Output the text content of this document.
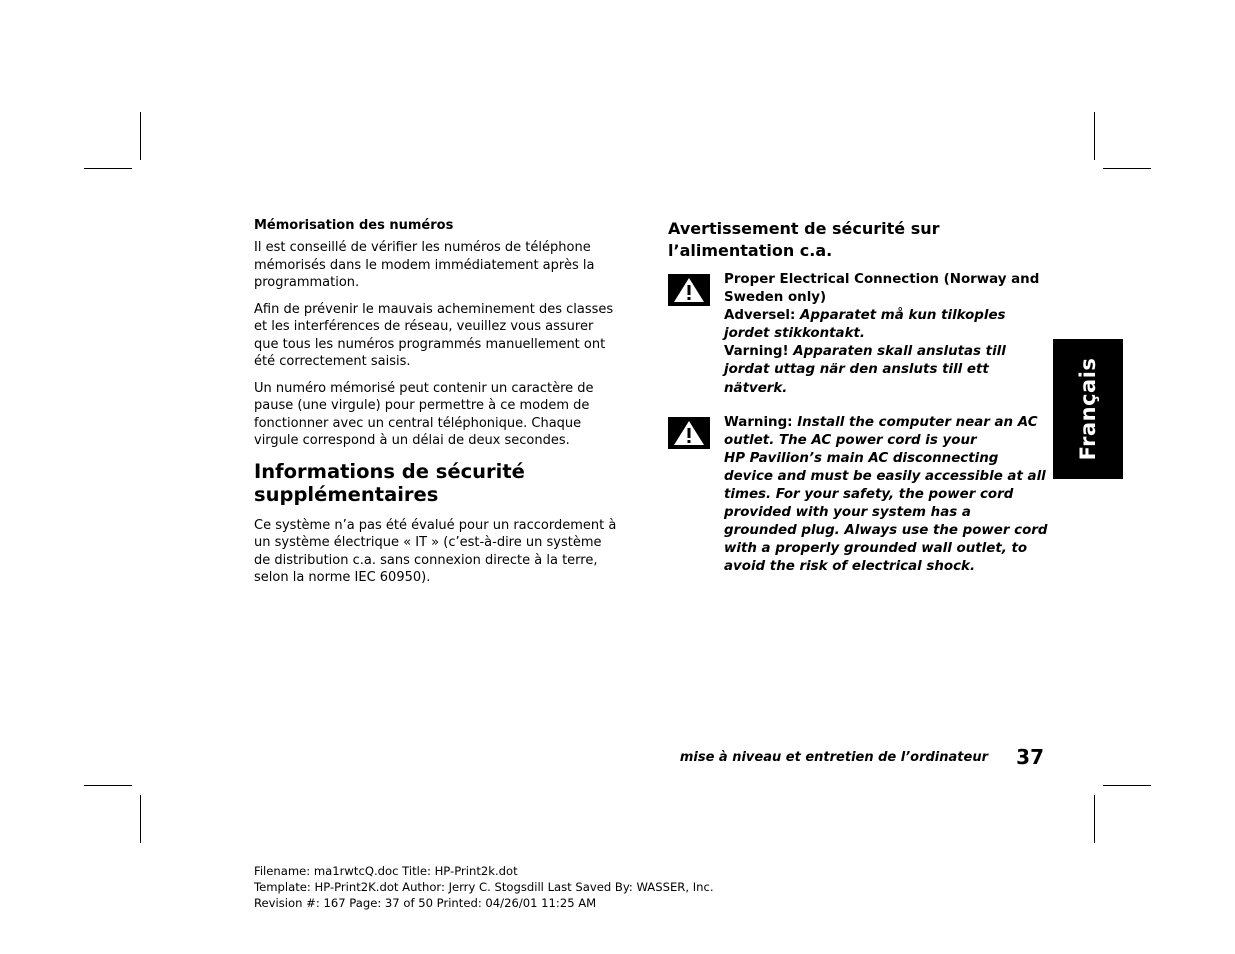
Mémorisation des numéros

Il est conseillé de vérifier les numéros de téléphone mémorisés dans le modem immédiatement après la programmation.

Afin de prévenir le mauvais acheminement des classes et les interférences de réseau, veuillez vous assurer que tous les numéros programmés manuellement ont été correctement saisis.

Un numéro mémorisé peut contenir un caractère de pause (une virgule) pour permettre à ce modem de fonctionner avec un central téléphonique. Chaque virgule correspond à un délai de deux secondes.

Informations de sécurité supplémentaires

Ce système n’a pas été évalué pour un raccordement à un système électrique « IT » (c’est-à-dire un système de distribution c.a. sans connexion directe à la terre, selon la norme IEC 60950).

Avertissement de sécurité sur
l’alimentation c.a.
Proper Electrical Connection (Norway and Sweden only)
Adversel: Apparatet må kun tilkoples jordet stikkontakt.
Varning! Apparaten skall anslutas till jordat uttag när den ansluts till ett nätverk.
Warning: Install the computer near an AC outlet. The AC power cord is your
HP Pavilion’s main AC disconnecting device and must be easily accessible at all times. For your safety, the power cord provided with your system has a grounded plug. Always use the power cord with a properly grounded wall outlet, to avoid the risk of electrical shock.
Français
mise à niveau et entretien de l’ordinateur	37
Filename: ma1rwtcQ.doc Title: HP-Print2k.dot
Template: HP-Print2K.dot Author: Jerry C. Stogsdill Last Saved By: WASSER, Inc.
Revision #: 167 Page: 37 of 50 Printed: 04/26/01 11:25 AM
